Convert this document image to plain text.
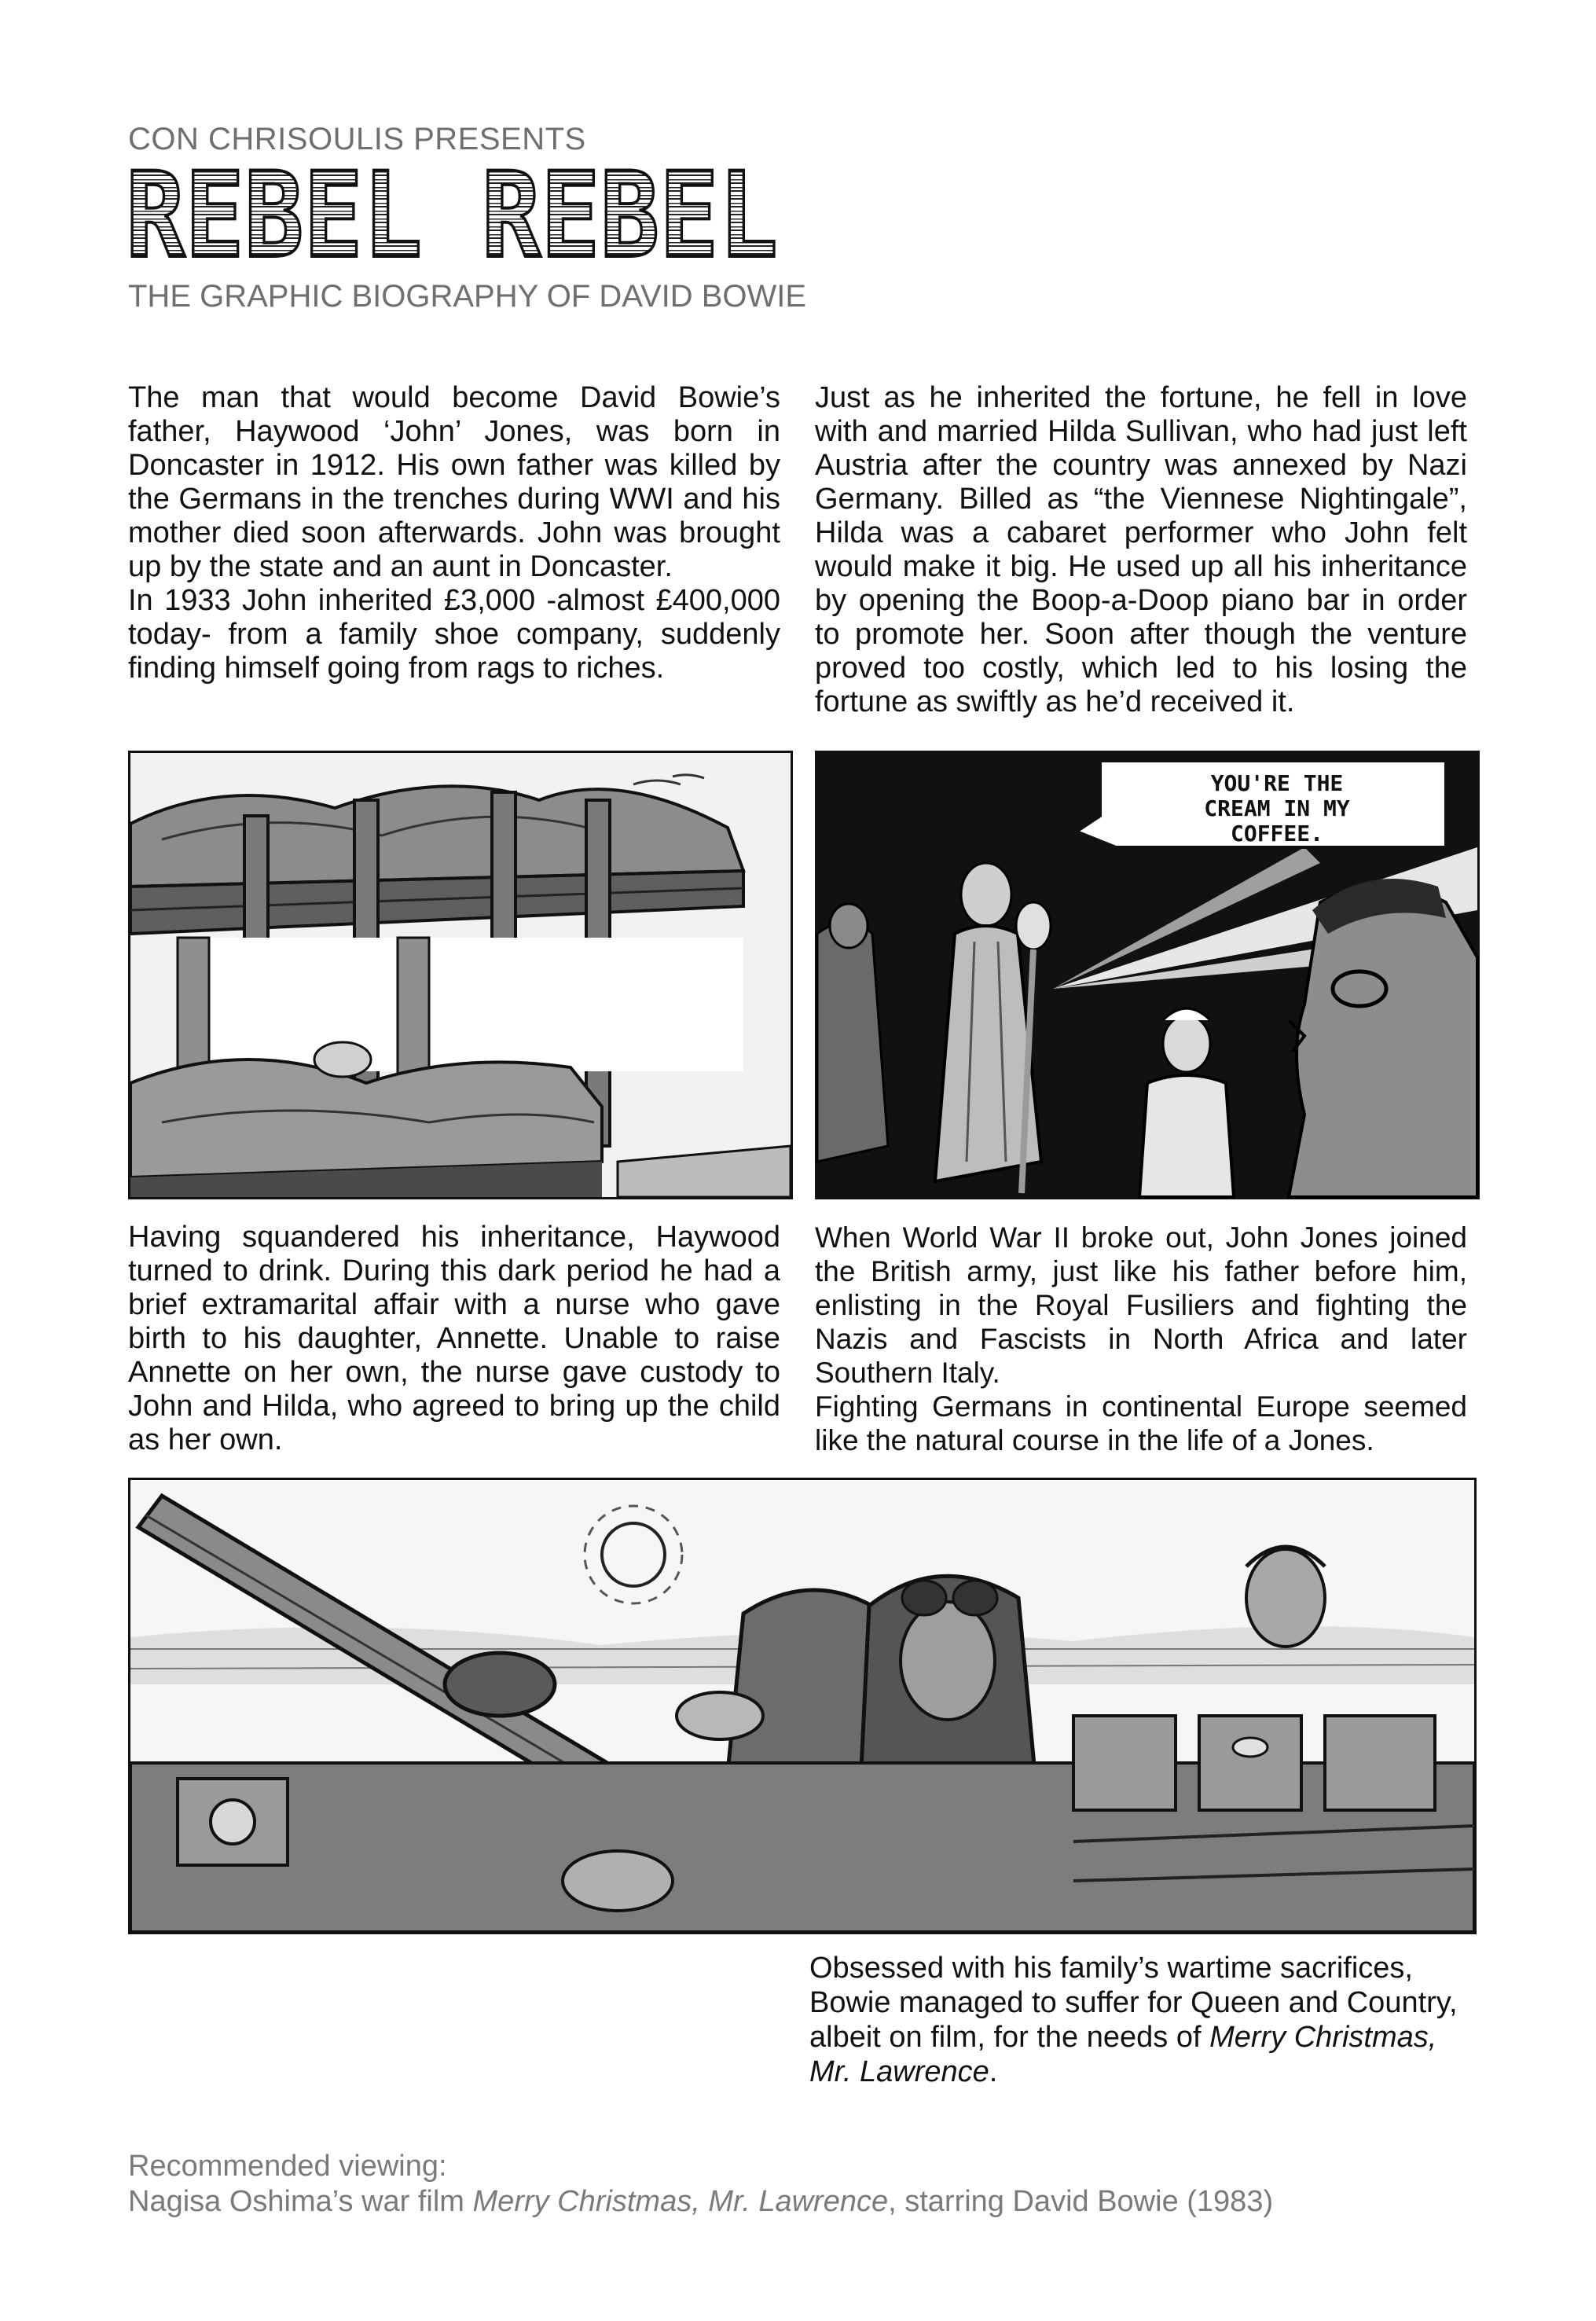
CON CHRISOULIS PRESENTS
REBEL REBEL
THE GRAPHIC BIOGRAPHY OF DAVID BOWIE

The man that would become David Bowie’s father, Haywood ‘John’ Jones, was born in Doncaster in 1912. His own father was killed by the Germans in the trenches during WWI and his mother died soon afterwards. John was brought up by the state and an aunt in Doncaster.

In 1933 John inherited £3,000 -almost £400,000 today- from a family shoe company, suddenly finding himself going from rags to riches.

Just as he inherited the fortune, he fell in love with and married Hilda Sullivan, who had just left Austria after the country was annexed by Nazi Germany. Billed as “the Viennese Nightingale”, Hilda was a cabaret performer who John felt would make it big. He used up all his inheritance by opening the Boop-a-Doop piano bar in order to promote her. Soon after though the venture proved too costly, which led to his losing the fortune as swiftly as he’d received it.

YOU'RE THE
CREAM IN MY
COFFEE.

Having squandered his inheritance, Haywood turned to drink. During this dark period he had a brief extramarital affair with a nurse who gave birth to his daughter, Annette. Unable to raise Annette on her own, the nurse gave custody to John and Hilda, who agreed to bring up the child as her own.

When World War II broke out, John Jones joined the British army, just like his father before him, enlisting in the Royal Fusiliers and fighting the Nazis and Fascists in North Africa and later Southern Italy.

Fighting Germans in continental Europe seemed like the natural course in the life of a Jones.

Obsessed with his family’s wartime sacrifices,
Bowie managed to suffer for Queen and Country,
albeit on film, for the needs of Merry Christmas,
Mr. Lawrence.
Recommended viewing:
Nagisa Oshima’s war film Merry Christmas, Mr. Lawrence, starring David Bowie (1983)
